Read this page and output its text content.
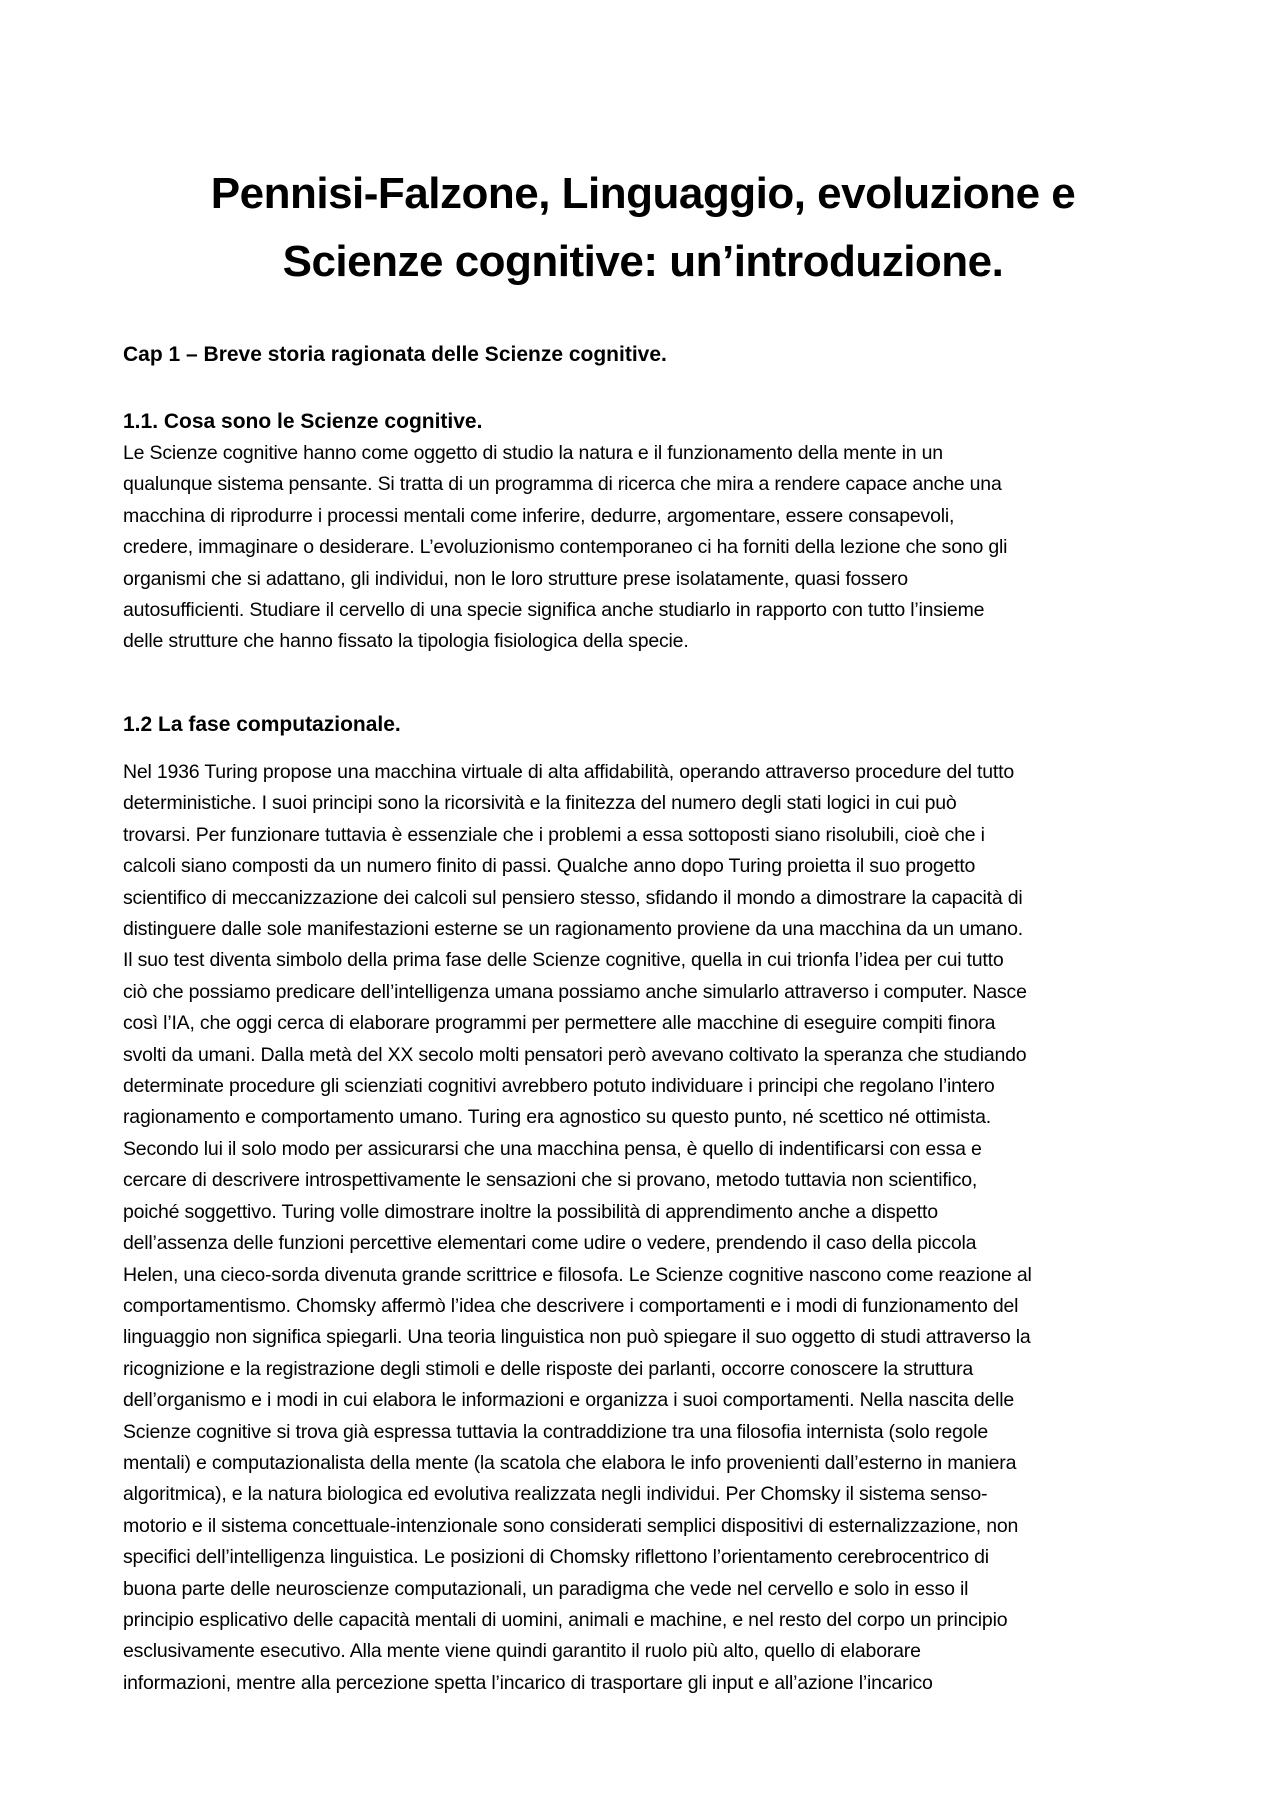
Pennisi-Falzone, Linguaggio, evoluzione e
Scienze cognitive: un’introduzione.
Cap 1 – Breve storia ragionata delle Scienze cognitive.
1.1. Cosa sono le Scienze cognitive.
Le Scienze cognitive hanno come oggetto di studio la natura e il funzionamento della mente in un
qualunque sistema pensante. Si tratta di un programma di ricerca che mira a rendere capace anche una
macchina di riprodurre i processi mentali come inferire, dedurre, argomentare, essere consapevoli,
credere, immaginare o desiderare. L’evoluzionismo contemporaneo ci ha forniti della lezione che sono gli
organismi che si adattano, gli individui, non le loro strutture prese isolatamente, quasi fossero
autosufficienti. Studiare il cervello di una specie significa anche studiarlo in rapporto con tutto l’insieme
delle strutture che hanno fissato la tipologia fisiologica della specie.
1.2 La fase computazionale.
Nel 1936 Turing propose una macchina virtuale di alta affidabilità, operando attraverso procedure del tutto
deterministiche. I suoi principi sono la ricorsività e la finitezza del numero degli stati logici in cui può
trovarsi. Per funzionare tuttavia è essenziale che i problemi a essa sottoposti siano risolubili, cioè che i
calcoli siano composti da un numero finito di passi. Qualche anno dopo Turing proietta il suo progetto
scientifico di meccanizzazione dei calcoli sul pensiero stesso, sfidando il mondo a dimostrare la capacità di
distinguere dalle sole manifestazioni esterne se un ragionamento proviene da una macchina da un umano.
Il suo test diventa simbolo della prima fase delle Scienze cognitive, quella in cui trionfa l’idea per cui tutto
ciò che possiamo predicare dell’intelligenza umana possiamo anche simularlo attraverso i computer. Nasce
così l’IA, che oggi cerca di elaborare programmi per permettere alle macchine di eseguire compiti finora
svolti da umani. Dalla metà del XX secolo molti pensatori però avevano coltivato la speranza che studiando
determinate procedure gli scienziati cognitivi avrebbero potuto individuare i principi che regolano l’intero
ragionamento e comportamento umano. Turing era agnostico su questo punto, né scettico né ottimista.
Secondo lui il solo modo per assicurarsi che una macchina pensa, è quello di indentificarsi con essa e
cercare di descrivere introspettivamente le sensazioni che si provano, metodo tuttavia non scientifico,
poiché soggettivo. Turing volle dimostrare inoltre la possibilità di apprendimento anche a dispetto
dell’assenza delle funzioni percettive elementari come udire o vedere, prendendo il caso della piccola
Helen, una cieco-sorda divenuta grande scrittrice e filosofa. Le Scienze cognitive nascono come reazione al
comportamentismo. Chomsky affermò l’idea che descrivere i comportamenti e i modi di funzionamento del
linguaggio non significa spiegarli. Una teoria linguistica non può spiegare il suo oggetto di studi attraverso la
ricognizione e la registrazione degli stimoli e delle risposte dei parlanti, occorre conoscere la struttura
dell’organismo e i modi in cui elabora le informazioni e organizza i suoi comportamenti. Nella nascita delle
Scienze cognitive si trova già espressa tuttavia la contraddizione tra una filosofia internista (solo regole
mentali) e computazionalista della mente (la scatola che elabora le info provenienti dall’esterno in maniera
algoritmica), e la natura biologica ed evolutiva realizzata negli individui. Per Chomsky il sistema senso-
motorio e il sistema concettuale-intenzionale sono considerati semplici dispositivi di esternalizzazione, non
specifici dell’intelligenza linguistica. Le posizioni di Chomsky riflettono l’orientamento cerebrocentrico di
buona parte delle neuroscienze computazionali, un paradigma che vede nel cervello e solo in esso il
principio esplicativo delle capacità mentali di uomini, animali e machine, e nel resto del corpo un principio
esclusivamente esecutivo. Alla mente viene quindi garantito il ruolo più alto, quello di elaborare
informazioni, mentre alla percezione spetta l’incarico di trasportare gli input e all’azione l’incarico
